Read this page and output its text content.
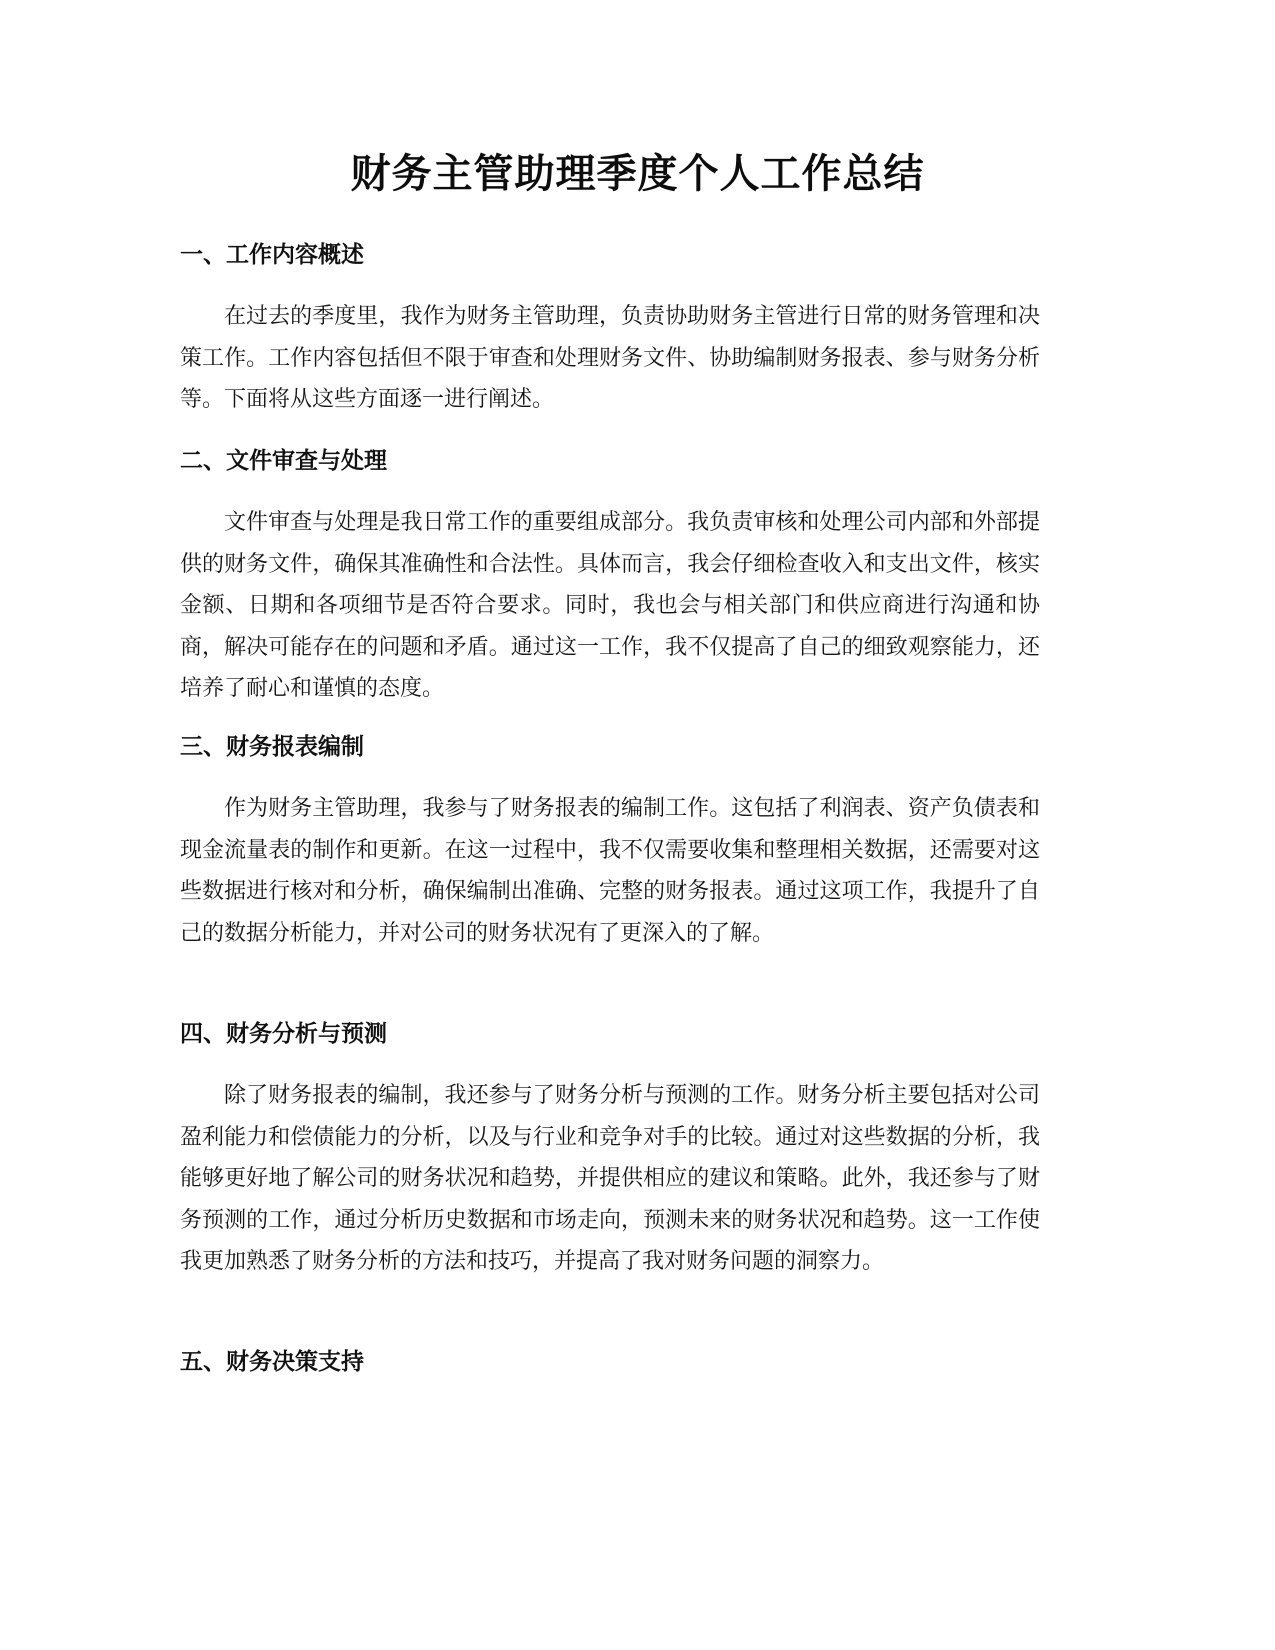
财务主管助理季度个人工作总结
一、工作内容概述

在过去的季度里，我作为财务主管助理，负责协助财务主管进行日常的财务管理和决策工作。工作内容包括但不限于审查和处理财务文件、协助编制财务报表、参与财务分析等。下面将从这些方面逐一进行阐述。

二、文件审查与处理

文件审查与处理是我日常工作的重要组成部分。我负责审核和处理公司内部和外部提供的财务文件，确保其准确性和合法性。具体而言，我会仔细检查收入和支出文件，核实金额、日期和各项细节是否符合要求。同时，我也会与相关部门和供应商进行沟通和协商，解决可能存在的问题和矛盾。通过这一工作，我不仅提高了自己的细致观察能力，还培养了耐心和谨慎的态度。

三、财务报表编制

作为财务主管助理，我参与了财务报表的编制工作。这包括了利润表、资产负债表和现金流量表的制作和更新。在这一过程中，我不仅需要收集和整理相关数据，还需要对这些数据进行核对和分析，确保编制出准确、完整的财务报表。通过这项工作，我提升了自己的数据分析能力，并对公司的财务状况有了更深入的了解。

四、财务分析与预测

除了财务报表的编制，我还参与了财务分析与预测的工作。财务分析主要包括对公司盈利能力和偿债能力的分析，以及与行业和竞争对手的比较。通过对这些数据的分析，我能够更好地了解公司的财务状况和趋势，并提供相应的建议和策略。此外，我还参与了财务预测的工作，通过分析历史数据和市场走向，预测未来的财务状况和趋势。这一工作使我更加熟悉了财务分析的方法和技巧，并提高了我对财务问题的洞察力。

五、财务决策支持
